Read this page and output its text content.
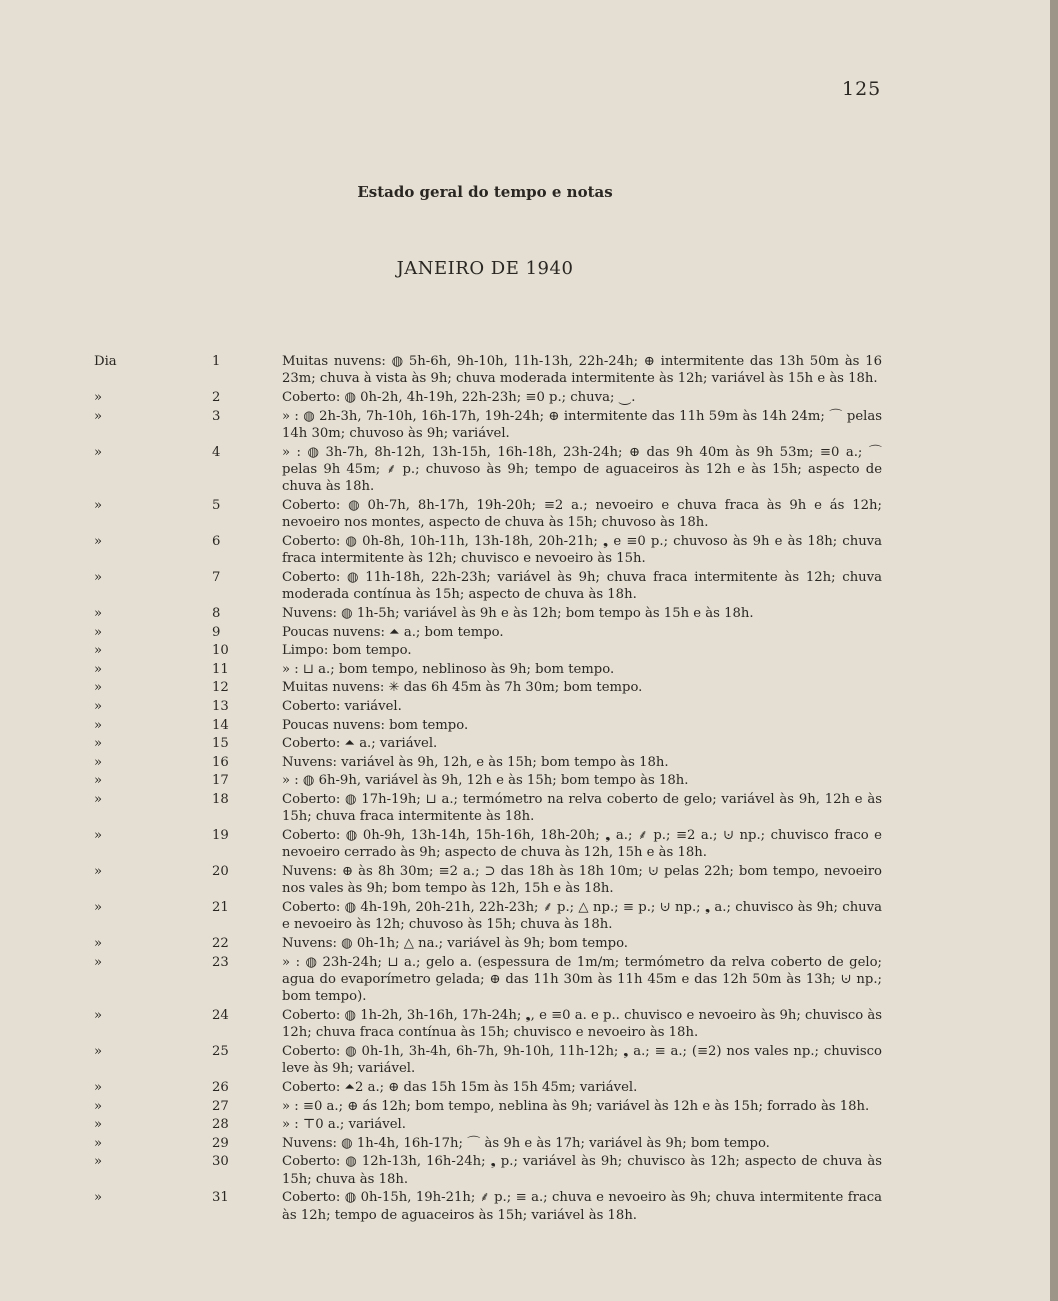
125
Estado geral do tempo e notas
JANEIRO DE 1940
Dia	1	Muitas nuvens: ◍ 5h-6h, 9h-10h, 11h-13h, 22h-24h; ⊕ intermitente das 13h 50m às 16 23m; chuva à vista às 9h; chuva moderada intermitente às 12h; variável às 15h e às 18h.
»	2	Coberto: ◍ 0h-2h, 4h-19h, 22h-23h; ≡0 p.; chuva; ⏝.
»	3	» : ◍ 2h-3h, 7h-10h, 16h-17h, 19h-24h; ⊕ intermitente das 11h 59m às 14h 24m; ⌒ pelas 14h 30m; chuvoso às 9h; variável.
»	4	» : ◍ 3h-7h, 8h-12h, 13h-15h, 16h-18h, 23h-24h; ⊕ das 9h 40m às 9h 53m; ≡0 a.; ⌒ pelas 9h 45m; ⸙ p.; chuvoso às 9h; tempo de aguaceiros às 12h e às 15h; aspecto de chuva às 18h.
»	5	Coberto: ◍ 0h-7h, 8h-17h, 19h-20h; ≡2 a.; nevoeiro e chuva fraca às 9h e ás 12h; nevoeiro nos montes, aspecto de chuva às 15h; chuvoso às 18h.
»	6	Coberto: ◍ 0h-8h, 10h-11h, 13h-18h, 20h-21h; ❟ e ≡0 p.; chuvoso às 9h e às 18h; chuva fraca intermitente às 12h; chuvisco e nevoeiro às 15h.
»	7	Coberto: ◍ 11h-18h, 22h-23h; variável às 9h; chuva fraca intermitente às 12h; chuva moderada contínua às 15h; aspecto de chuva às 18h.
»	8	Nuvens: ◍ 1h-5h; variável às 9h e às 12h; bom tempo às 15h e às 18h.
»	9	Poucas nuvens: ⏶ a.; bom tempo.
»	10	Limpo: bom tempo.
»	11	» : ⊔ a.; bom tempo, neblinoso às 9h; bom tempo.
»	12	Muitas nuvens: ✳ das 6h 45m às 7h 30m; bom tempo.
»	13	Coberto: variável.
»	14	Poucas nuvens: bom tempo.
»	15	Coberto: ⏶ a.; variável.
»	16	Nuvens: variável às 9h, 12h, e às 15h; bom tempo às 18h.
»	17	» : ◍ 6h-9h, variável às 9h, 12h e às 15h; bom tempo às 18h.
»	18	Coberto: ◍ 17h-19h; ⊔ a.; termómetro na relva coberto de gelo; variável às 9h, 12h e às 15h; chuva fraca intermitente às 18h.
»	19	Coberto: ◍ 0h-9h, 13h-14h, 15h-16h, 18h-20h; ❟ a.; ⸙ p.; ≡2 a.; ⊍ np.; chuvisco fraco e nevoeiro cerrado às 9h; aspecto de chuva às 12h, 15h e às 18h.
»	20	Nuvens: ⊕ às 8h 30m; ≡2 a.; ⊃ das 18h às 18h 10m; ⊍ pelas 22h; bom tempo, nevoeiro nos vales às 9h; bom tempo às 12h, 15h e às 18h.
»	21	Coberto: ◍ 4h-19h, 20h-21h, 22h-23h; ⸙ p.; △ np.; ≡ p.; ⊍ np.; ❟ a.; chuvisco às 9h; chuva e nevoeiro às 12h; chuvoso às 15h; chuva às 18h.
»	22	Nuvens: ◍ 0h-1h; △ na.; variável às 9h; bom tempo.
»	23	» : ◍ 23h-24h; ⊔ a.; gelo a. (espessura de 1m/m; termómetro da relva coberto de gelo; agua do evaporímetro gelada; ⊕ das 11h 30m às 11h 45m e das 12h 50m às 13h; ⊍ np.; bom tempo).
»	24	Coberto: ◍ 1h-2h, 3h-16h, 17h-24h; ❟, e ≡0 a. e p.. chuvisco e nevoeiro às 9h; chuvisco às 12h; chuva fraca contínua às 15h; chuvisco e nevoeiro às 18h.
»	25	Coberto: ◍ 0h-1h, 3h-4h, 6h-7h, 9h-10h, 11h-12h; ❟ a.; ≡ a.; (≡2) nos vales np.; chuvisco leve às 9h; variável.
»	26	Coberto: ⏶2 a.; ⊕ das 15h 15m às 15h 45m; variável.
»	27	» : ≡0 a.; ⊕ ás 12h; bom tempo, neblina às 9h; variável às 12h e às 15h; forrado às 18h.
»	28	» : ⊤0 a.; variável.
»	29	Nuvens: ◍ 1h-4h, 16h-17h; ⌒ às 9h e às 17h; variável às 9h; bom tempo.
»	30	Coberto: ◍ 12h-13h, 16h-24h; ❟ p.; variável às 9h; chuvisco às 12h; aspecto de chuva às 15h; chuva às 18h.
»	31	Coberto: ◍ 0h-15h, 19h-21h; ⸙ p.; ≡ a.; chuva e nevoeiro às 9h; chuva intermitente fraca às 12h; tempo de aguaceiros às 15h; variável às 18h.
